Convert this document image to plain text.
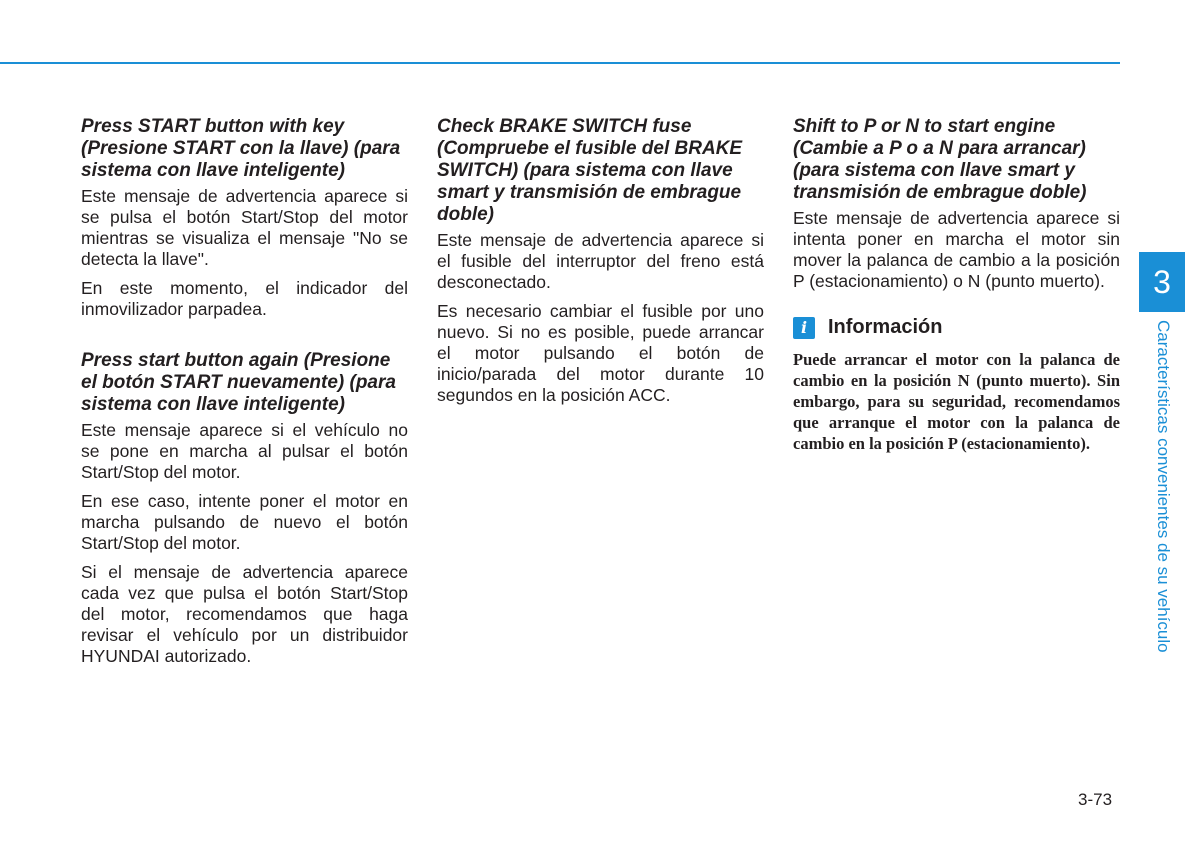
Press START button with key (Presione START con la llave) (para sistema con llave inteligente)

Este mensaje de advertencia aparece si se pulsa el botón Start/Stop del motor mientras se visualiza el mensaje "No se detecta la llave".

En este momento, el indicador del inmovilizador parpadea.

Press start button again (Presione el botón START nuevamente) (para sistema con llave inteligente)

Este mensaje aparece si el vehículo no se pone en marcha al pulsar el botón Start/Stop del motor.

En ese caso, intente poner el motor en marcha pulsando de nuevo el botón Start/Stop del motor.

Si el mensaje de advertencia aparece cada vez que pulsa el botón Start/Stop del motor, recomendamos que haga revisar el vehículo por un distribuidor HYUNDAI autorizado.

Check BRAKE SWITCH fuse (Compruebe el fusible del BRAKE SWITCH) (para sistema con llave smart y transmisión de embrague doble)

Este mensaje de advertencia aparece si el fusible del interruptor del freno está desconectado.

Es necesario cambiar el fusible por uno nuevo. Si no es posible, puede arrancar el motor pulsando el botón de inicio/parada del motor durante 10 segundos en la posición ACC.

Shift to P or N to start engine (Cambie a P o a N para arrancar) (para sistema con llave smart y transmisión de embrague doble)

Este mensaje de advertencia aparece si intenta poner en marcha el motor sin mover la palanca de cambio a la posición P (estacionamiento) o N (punto muerto).

i	Información

Puede arrancar el motor con la palanca de cambio en la posición N (punto muerto). Sin embargo, para su seguridad, recomendamos que arranque el motor con la palanca de cambio en la posición P (estacionamiento).

3
Características convenientes de su vehículo
3-73
